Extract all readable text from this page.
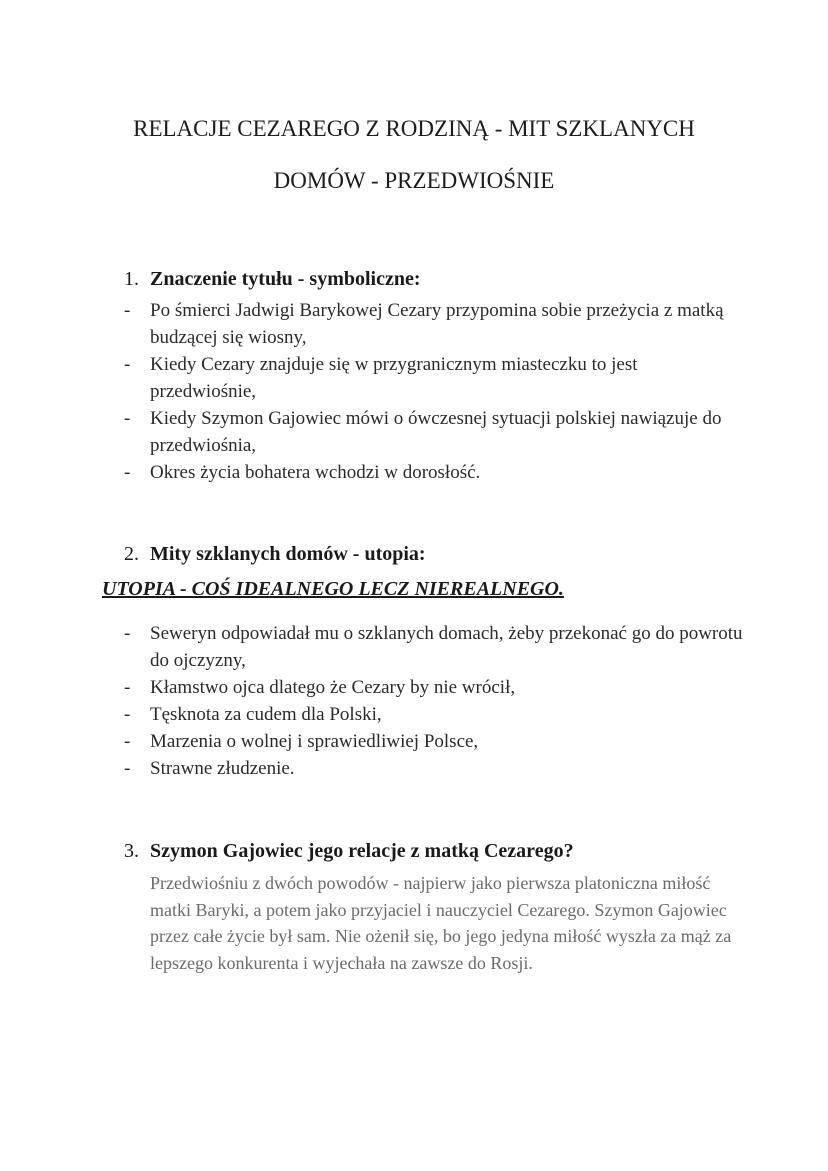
RELACJE CEZAREGO Z RODZINĄ - MIT SZKLANYCH
DOMÓW - PRZEDWIOŚNIE
1. Znaczenie tytułu - symboliczne:
- Po śmierci Jadwigi Barykowej Cezary przypomina sobie przeżycia z matką budzącej się wiosny,
- Kiedy Cezary znajduje się w przygranicznym miasteczku to jest przedwiośnie,
- Kiedy Szymon Gajowiec mówi o ówczesnej sytuacji polskiej nawiązuje do przedwiośnia,
- Okres życia bohatera wchodzi w dorosłość.
2. Mity szklanych domów - utopia:
UTOPIA - COŚ IDEALNEGO LECZ NIEREALNEGO.
- Seweryn odpowiadał mu o szklanych domach, żeby przekonać go do powrotu do ojczyzny,
- Kłamstwo ojca dlatego że Cezary by nie wrócił,
- Tęsknota za cudem dla Polski,
- Marzenia o wolnej i sprawiedliwiej Polsce,
- Strawne złudzenie.
3. Szymon Gajowiec jego relacje z matką Cezarego?

Przedwiośniu z dwóch powodów - najpierw jako pierwsza platoniczna miłość matki Baryki, a potem jako przyjaciel i nauczyciel Cezarego. Szymon Gajowiec przez całe życie był sam. Nie ożenił się, bo jego jedyna miłość wyszła za mąż za lepszego konkurenta i wyjechała na zawsze do Rosji.
